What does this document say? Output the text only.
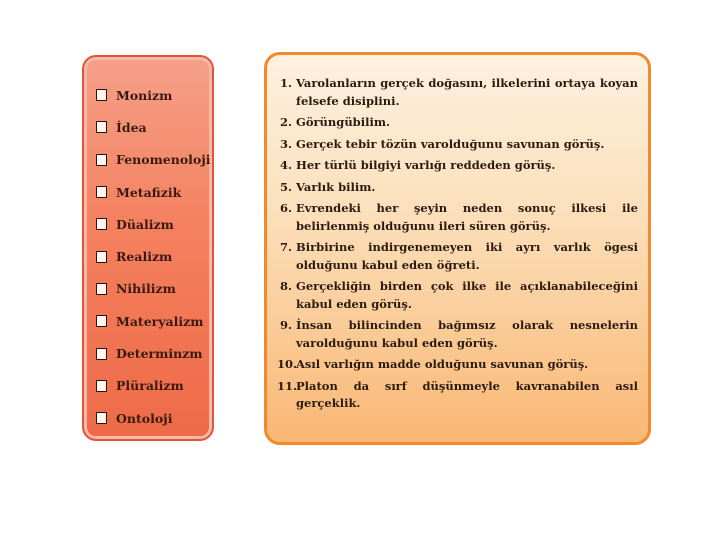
Monizm
İdea
Fenomenoloji
Metafizik
Düalizm
Realizm
Nihilizm
Materyalizm
Determinzm
Plüralizm
Ontoloji
1. Varolanların gerçek doğasını, ilkelerini ortaya koyan felsefe disiplini.
2. Görüngübilim.
3. Gerçek tebir tözün varolduğunu savunan görüş.
4. Her türlü bilgiyi varlığı reddeden görüş.
5. Varlık bilim.
6. Evrendeki her şeyin neden sonuç ilkesi ile belirlenmiş olduğunu ileri süren görüş.
7. Birbirine indirgenemeyen iki ayrı varlık ögesi olduğunu kabul eden öğreti.
8. Gerçekliğin birden çok ilke ile açıklanabileceğini kabul eden görüş.
9. İnsan bilincinden bağımsız olarak nesnelerin varolduğunu kabul eden görüş.
10.
Asıl varlığın madde olduğunu savunan görüş.
11.
Platon da sırf düşünmeyle kavranabilen asıl gerçeklik.
